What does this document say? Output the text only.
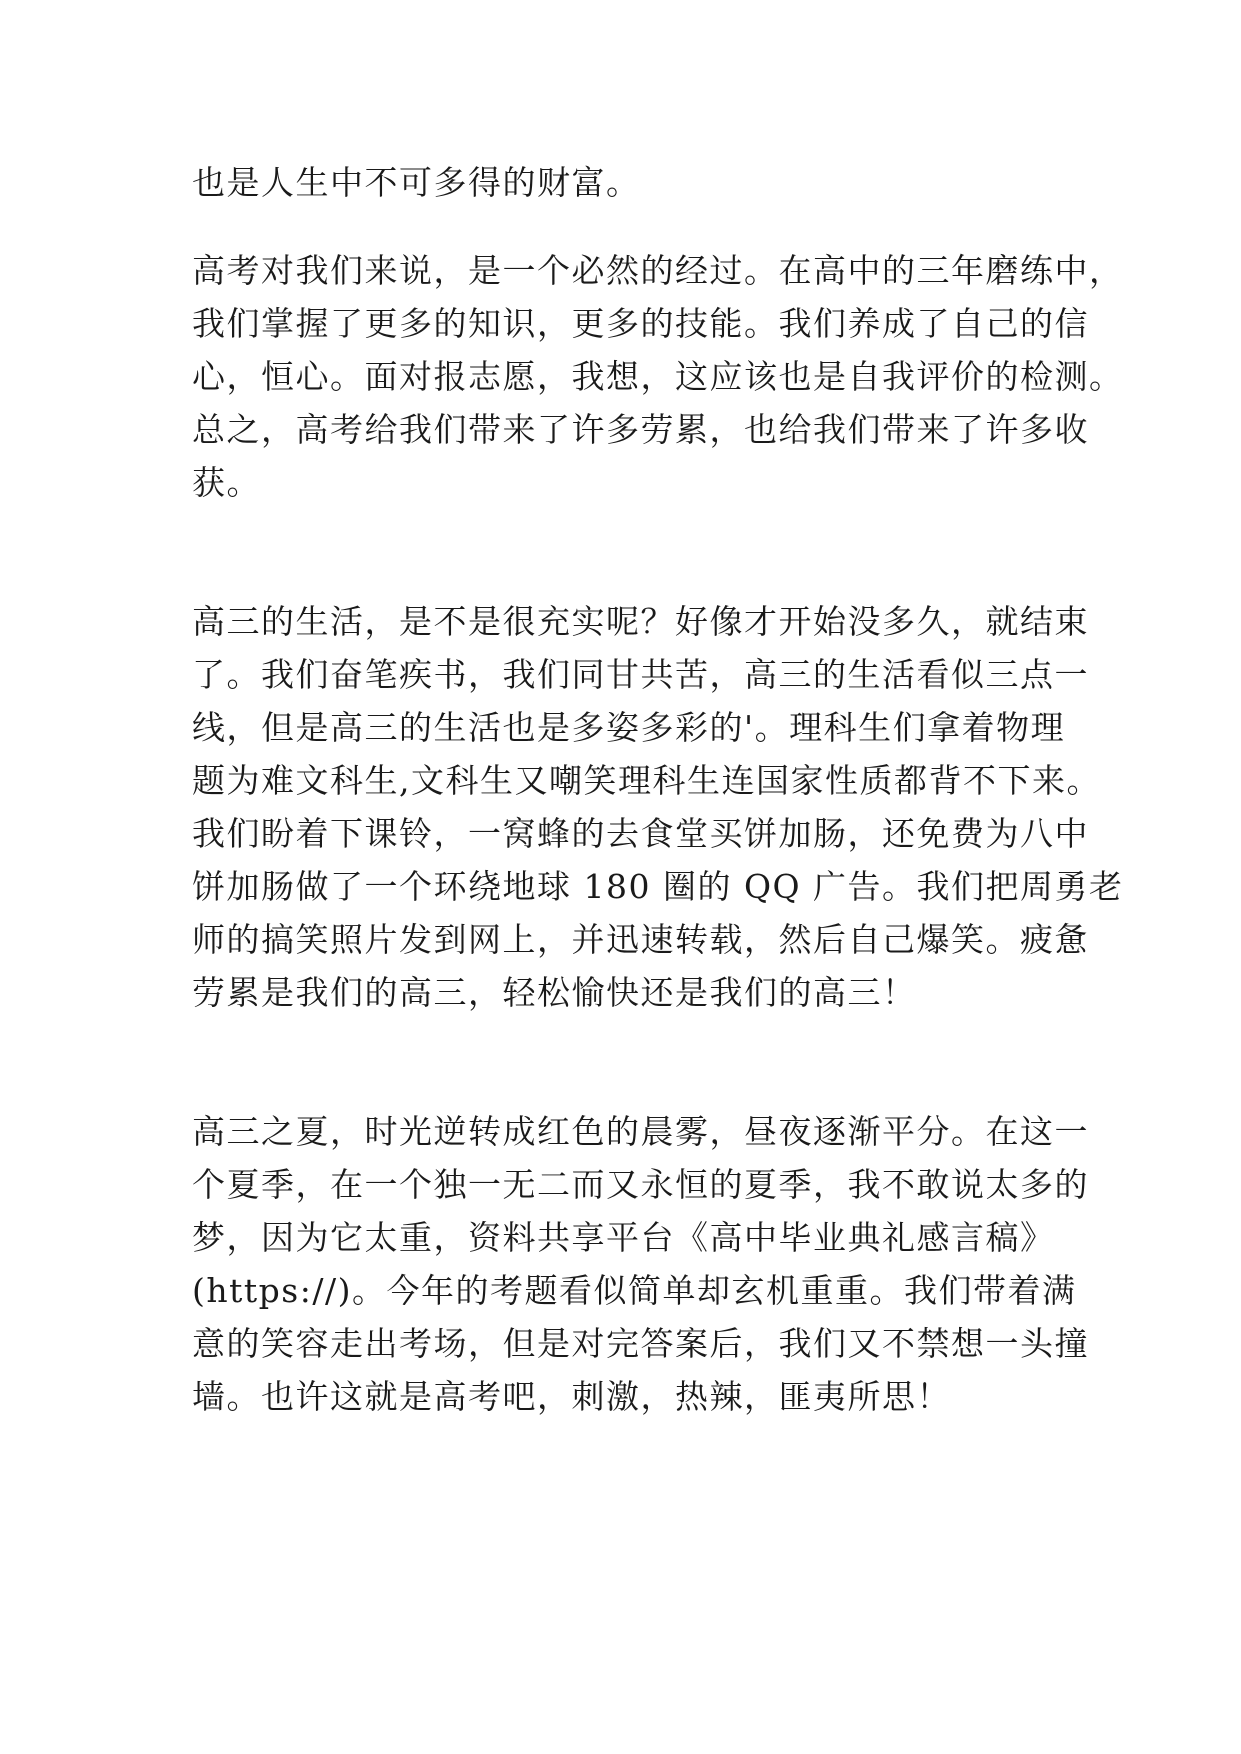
也是人生中不可多得的财富。
高考对我们来说，是一个必然的经过。在高中的三年磨练中，
我们掌握了更多的知识，更多的技能。我们养成了自己的信
心，恒心。面对报志愿，我想，这应该也是自我评价的检测。
总之，高考给我们带来了许多劳累，也给我们带来了许多收
获。
高三的生活，是不是很充实呢？好像才开始没多久，就结束
了。我们奋笔疾书，我们同甘共苦，高三的生活看似三点一
线，但是高三的生活也是多姿多彩的'。理科生们拿着物理
题为难文科生,文科生又嘲笑理科生连国家性质都背不下来。
我们盼着下课铃，一窝蜂的去食堂买饼加肠，还免费为八中
饼加肠做了一个环绕地球 180 圈的 QQ 广告。我们把周勇老
师的搞笑照片发到网上，并迅速转载，然后自己爆笑。疲惫
劳累是我们的高三，轻松愉快还是我们的高三！
高三之夏，时光逆转成红色的晨雾，昼夜逐渐平分。在这一
个夏季，在一个独一无二而又永恒的夏季，我不敢说太多的
梦，因为它太重，资料共享平台《高中毕业典礼感言稿》
(https://)。今年的考题看似简单却玄机重重。我们带着满
意的笑容走出考场，但是对完答案后，我们又不禁想一头撞
墙。也许这就是高考吧，刺激，热辣，匪夷所思！
